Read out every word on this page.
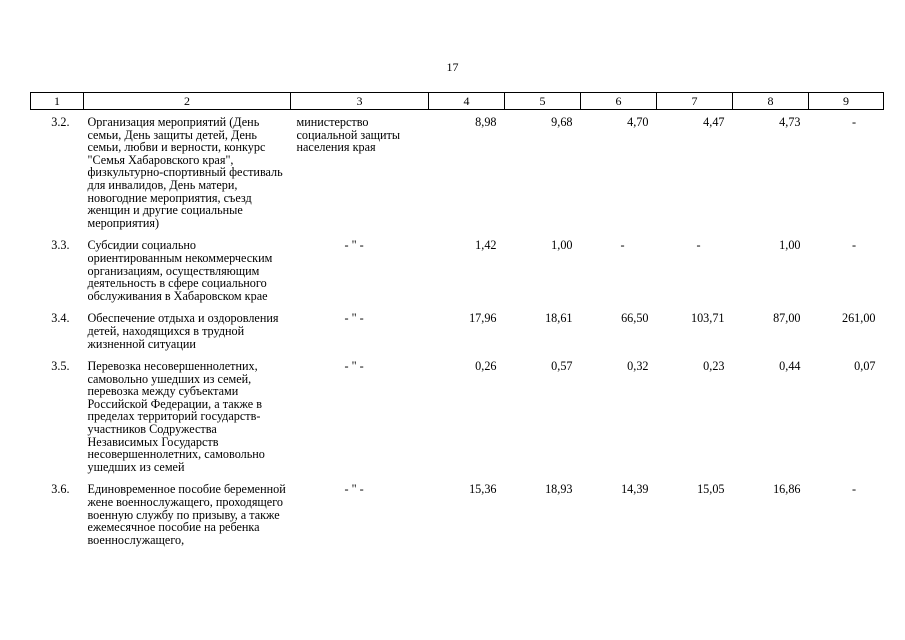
17
1	2	3	4	5	6	7	8	9
3.2.	Организация мероприятий (День семьи, День защиты детей, День семьи, любви и верности, конкурс "Семья Хабаровского края", физкультурно-спортивный фестиваль для инвалидов, День матери, новогодние мероприятия, съезд женщин и другие социальные мероприятия)	министерство социальной защиты населения края	8,98	9,68	4,70	4,47	4,73	-
3.3.	Субсидии социально ориентированным некоммерческим организациям, осуществляющим деятельность в сфере социального обслуживания в Хабаровском крае	- " -	1,42	1,00	-	-	1,00	-
3.4.	Обеспечение отдыха и оздоровления детей, находящихся в трудной жизненной ситуации	- " -	17,96	18,61	66,50	103,71	87,00	261,00
3.5.	Перевозка несовершеннолетних, самовольно ушедших из семей, перевозка между субъектами Российской Федерации, а также в пределах территорий государств-участников Содружества Независимых Государств несовершеннолетних, самовольно ушедших из семей	- " -	0,26	0,57	0,32	0,23	0,44	0,07
3.6.	Единовременное пособие беременной жене военнослужащего, проходящего военную службу по призыву, а также ежемесячное пособие на ребенка военнослужащего,	- " -	15,36	18,93	14,39	15,05	16,86	-
